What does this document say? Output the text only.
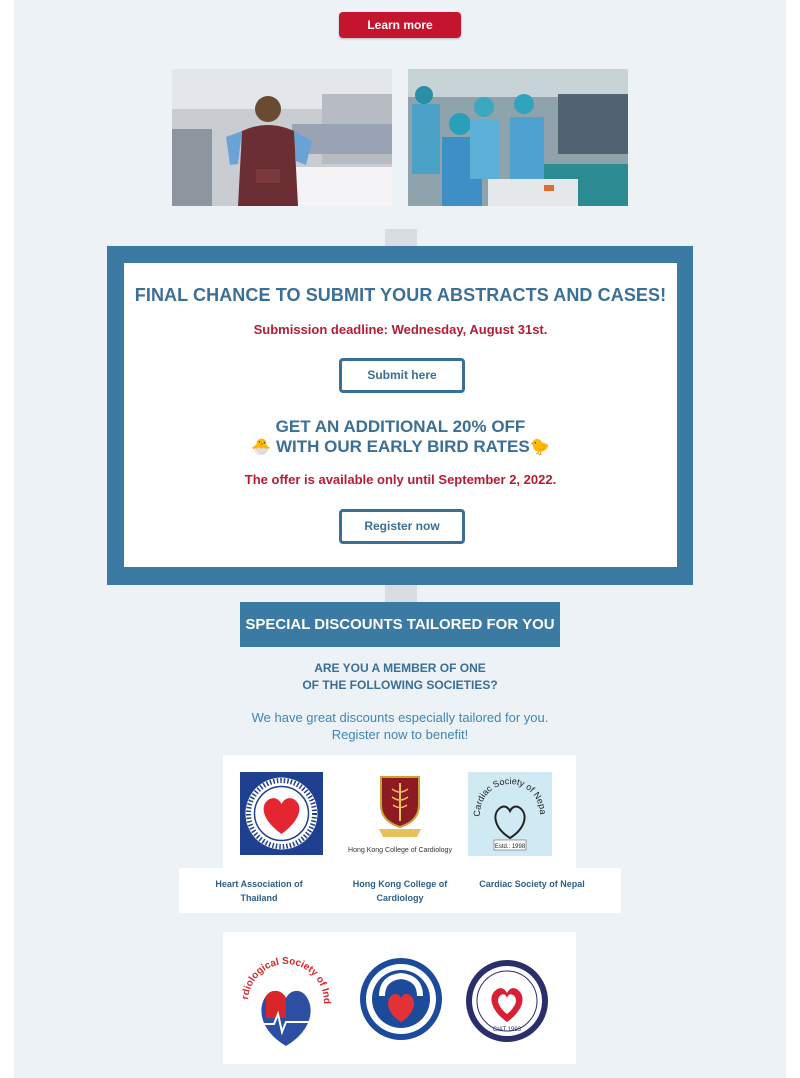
Learn more
FINAL CHANCE TO SUBMIT YOUR ABSTRACTS AND CASES!
Submission deadline: Wednesday, August 31st.
Submit here
GET AN ADDITIONAL 20% OFF
🐣 WITH OUR EARLY BIRD RATES🐤
The offer is available only until September 2, 2022.
Register now
SPECIAL DISCOUNTS TAILORED FOR YOU
ARE YOU A MEMBER OF ONE
OF THE FOLLOWING SOCIETIES?
We have great discounts especially tailored for you.
Register now to benefit!
Hong Kong College of Cardiology
Cardiac Society of Nepa
Estd.: 1998
Heart Association of
Thailand
Hong Kong College of
Cardiology
Cardiac Society of Nepal
rdiological Society of Ind
CIAT 1993
